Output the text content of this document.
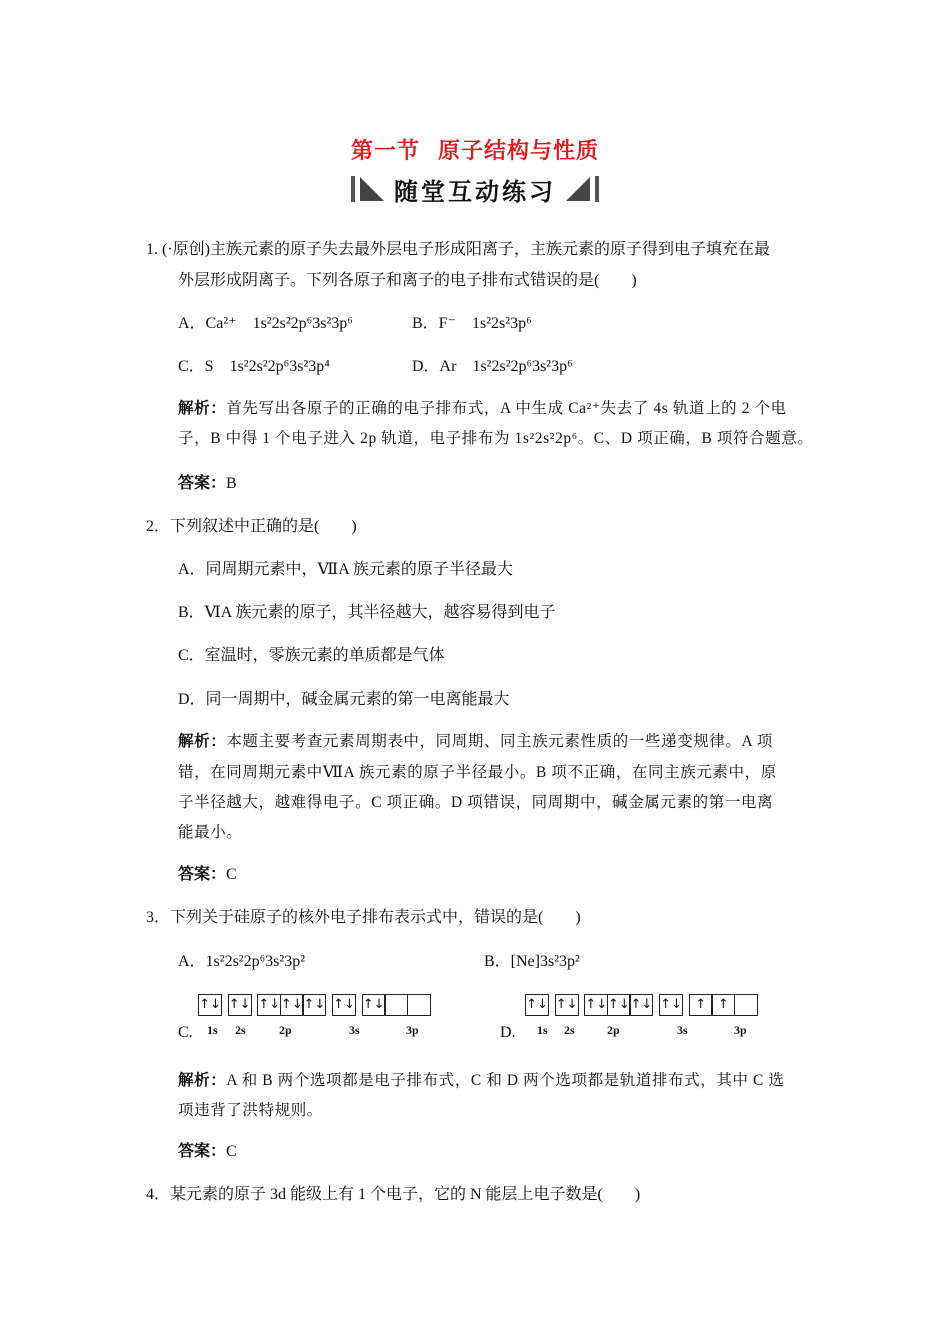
第一节 原子结构与性质
随堂互动练习
1. (·原创)主族元素的原子失去最外层电子形成阳离子，主族元素的原子得到电子填充在最
外层形成阴离子。下列各原子和离子的电子排布式错误的是(　　)
A．Ca²⁺　1s²2s²2p⁶3s²3p⁶	B．F⁻　1s²2s²3p⁶
C．S　1s²2s²2p⁶3s²3p⁴	D．Ar　1s²2s²2p⁶3s²3p⁶
解析：首先写出各原子的正确的电子排布式，A 中生成 Ca²⁺失去了 4s 轨道上的 2 个电
子，B 中得 1 个电子进入 2p 轨道，电子排布为 1s²2s²2p⁶。C、D 项正确，B 项符合题意。
答案：B
2．下列叙述中正确的是(　　)
A．同周期元素中，ⅦA 族元素的原子半径最大
B．ⅥA 族元素的原子，其半径越大，越容易得到电子
C．室温时，零族元素的单质都是气体
D．同一周期中，碱金属元素的第一电离能最大
解析：本题主要考查元素周期表中，同周期、同主族元素性质的一些递变规律。A 项
错，在同周期元素中ⅦA 族元素的原子半径最小。B 项不正确，在同主族元素中，原
子半径越大，越难得电子。C 项正确。D 项错误，同周期中，碱金属元素的第一电离
能最小。
答案：C
3．下列关于硅原子的核外电子排布表示式中，错误的是(　　)
A．1s²2s²2p⁶3s²3p²	B．[Ne]3s²3p²
C.
↑↓ ↑↓ ↑↓ ↑↓ ↑↓ ↑↓ ↑↓
1s 2s	2p	3s	3p	D.
↑↓ ↑↓ ↑↓ ↑↓ ↑↓ ↑↓	↑ ↑
1s 2s	2p	3s	3p
解析：A 和 B 两个选项都是电子排布式，C 和 D 两个选项都是轨道排布式，其中 C 选
项违背了洪特规则。
答案：C
4．某元素的原子 3d 能级上有 1 个电子，它的 N 能层上电子数是(　　)
